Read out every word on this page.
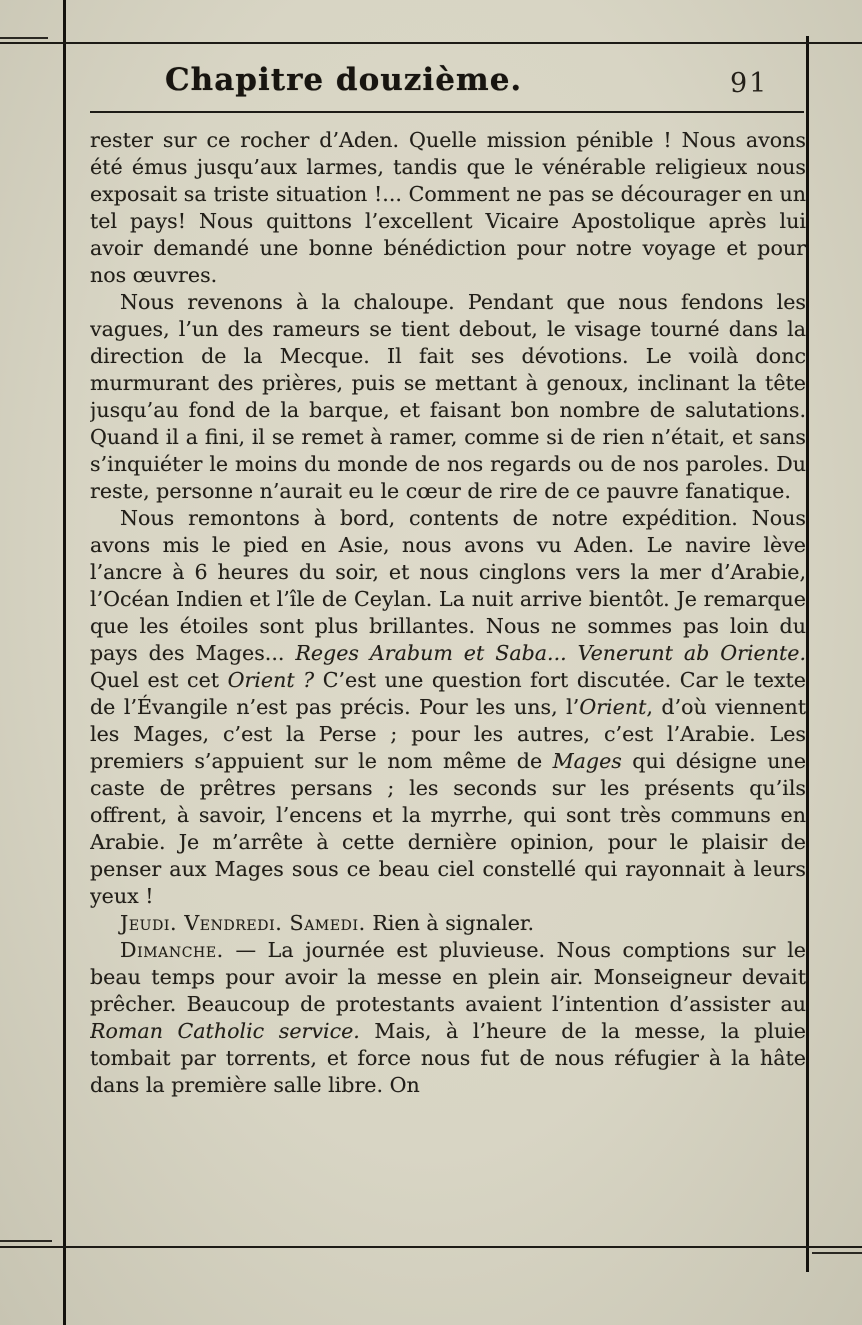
Chapitre douzième.	91

rester sur ce rocher d’Aden. Quelle mission pénible ! Nous avons été émus jusqu’aux larmes, tandis que le vénérable religieux nous exposait sa triste situation !... Comment ne pas se décourager en un tel pays! Nous quittons l’excellent Vicaire Apostolique après lui avoir demandé une bonne bénédiction pour notre voyage et pour nos œuvres.

Nous revenons à la chaloupe. Pendant que nous fendons les vagues, l’un des rameurs se tient debout, le visage tourné dans la direction de la Mecque. Il fait ses dévotions. Le voilà donc murmurant des prières, puis se mettant à genoux, inclinant la tête jusqu’au fond de la barque, et faisant bon nombre de salutations. Quand il a fini, il se remet à ramer, comme si de rien n’était, et sans s’inquiéter le moins du monde de nos regards ou de nos paroles. Du reste, personne n’aurait eu le cœur de rire de ce pauvre fanatique.

Nous remontons à bord, contents de notre expédition. Nous avons mis le pied en Asie, nous avons vu Aden. Le navire lève l’ancre à 6 heures du soir, et nous cinglons vers la mer d’Arabie, l’Océan Indien et l’île de Ceylan. La nuit arrive bientôt. Je remarque que les étoiles sont plus brillantes. Nous ne sommes pas loin du pays des Mages... Reges Arabum et Saba... Venerunt ab Oriente. Quel est cet Orient ? C’est une question fort discutée. Car le texte de l’Évangile n’est pas précis. Pour les uns, l’Orient, d’où viennent les Mages, c’est la Perse ; pour les autres, c’est l’Arabie. Les premiers s’appuient sur le nom même de Mages qui désigne une caste de prêtres persans ; les seconds sur les présents qu’ils offrent, à savoir, l’encens et la myrrhe, qui sont très communs en Arabie. Je m’arrête à cette dernière opinion, pour le plaisir de penser aux Mages sous ce beau ciel constellé qui rayonnait à leurs yeux !

Jeudi. Vendredi. Samedi. Rien à signaler.

Dimanche. — La journée est pluvieuse. Nous comptions sur le beau temps pour avoir la messe en plein air. Monseigneur devait prêcher. Beaucoup de protestants avaient l’intention d’assister au Roman Catholic service. Mais, à l’heure de la messe, la pluie tombait par torrents, et force nous fut de nous réfugier à la hâte dans la première salle libre. On
